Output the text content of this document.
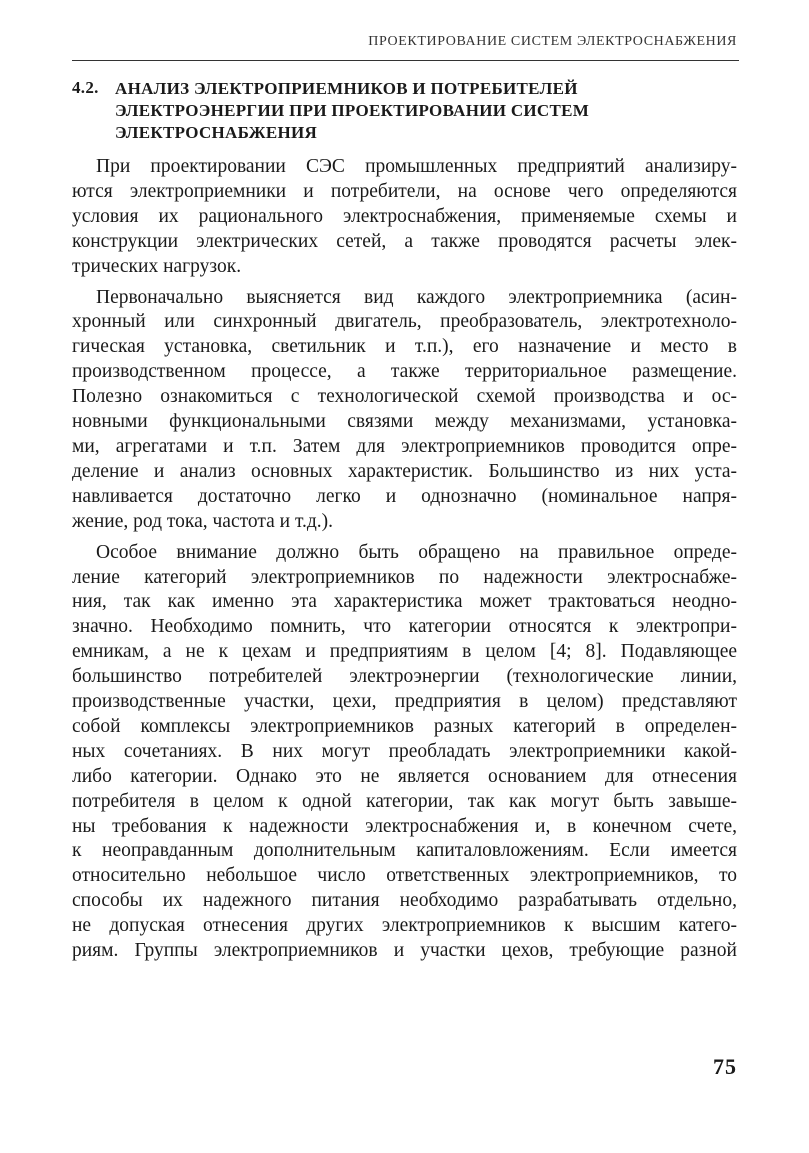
ПРОЕКТИРОВАНИЕ СИСТЕМ ЭЛЕКТРОСНАБЖЕНИЯ
4.2. АНАЛИЗ ЭЛЕКТРОПРИЕМНИКОВ И ПОТРЕБИТЕЛЕЙ
ЭЛЕКТРОЭНЕРГИИ ПРИ ПРОЕКТИРОВАНИИ СИСТЕМ
ЭЛЕКТРОСНАБЖЕНИЯ
При проектировании СЭС промышленных предприятий анализиру-
ются электроприемники и потребители, на основе чего определяются
условия их рационального электроснабжения, применяемые схемы и
конструкции электрических сетей, а также проводятся расчеты элек-
трических нагрузок.
Первоначально выясняется вид каждого электроприемника (асин-
хронный или синхронный двигатель, преобразователь, электротехноло-
гическая установка, светильник и т.п.), его назначение и место в
производственном процессе, а также территориальное размещение.
Полезно ознакомиться с технологической схемой производства и ос-
новными функциональными связями между механизмами, установка-
ми, агрегатами и т.п. Затем для электроприемников проводится опре-
деление и анализ основных характеристик. Большинство из них уста-
навливается достаточно легко и однозначно (номинальное напря-
жение, род тока, частота и т.д.).
Особое внимание должно быть обращено на правильное опреде-
ление категорий электроприемников по надежности электроснабже-
ния, так как именно эта характеристика может трактоваться неодно-
значно. Необходимо помнить, что категории относятся к электропри-
емникам, а не к цехам и предприятиям в целом [4; 8]. Подавляющее
большинство потребителей электроэнергии (технологические линии,
производственные участки, цехи, предприятия в целом) представляют
собой комплексы электроприемников разных категорий в определен-
ных сочетаниях. В них могут преобладать электроприемники какой-
либо категории. Однако это не является основанием для отнесения
потребителя в целом к одной категории, так как могут быть завыше-
ны требования к надежности электроснабжения и, в конечном счете,
к неоправданным дополнительным капиталовложениям. Если имеется
относительно небольшое число ответственных электроприемников, то
способы их надежного питания необходимо разрабатывать отдельно,
не допуская отнесения других электроприемников к высшим катего-
риям. Группы электроприемников и участки цехов, требующие разной
75
